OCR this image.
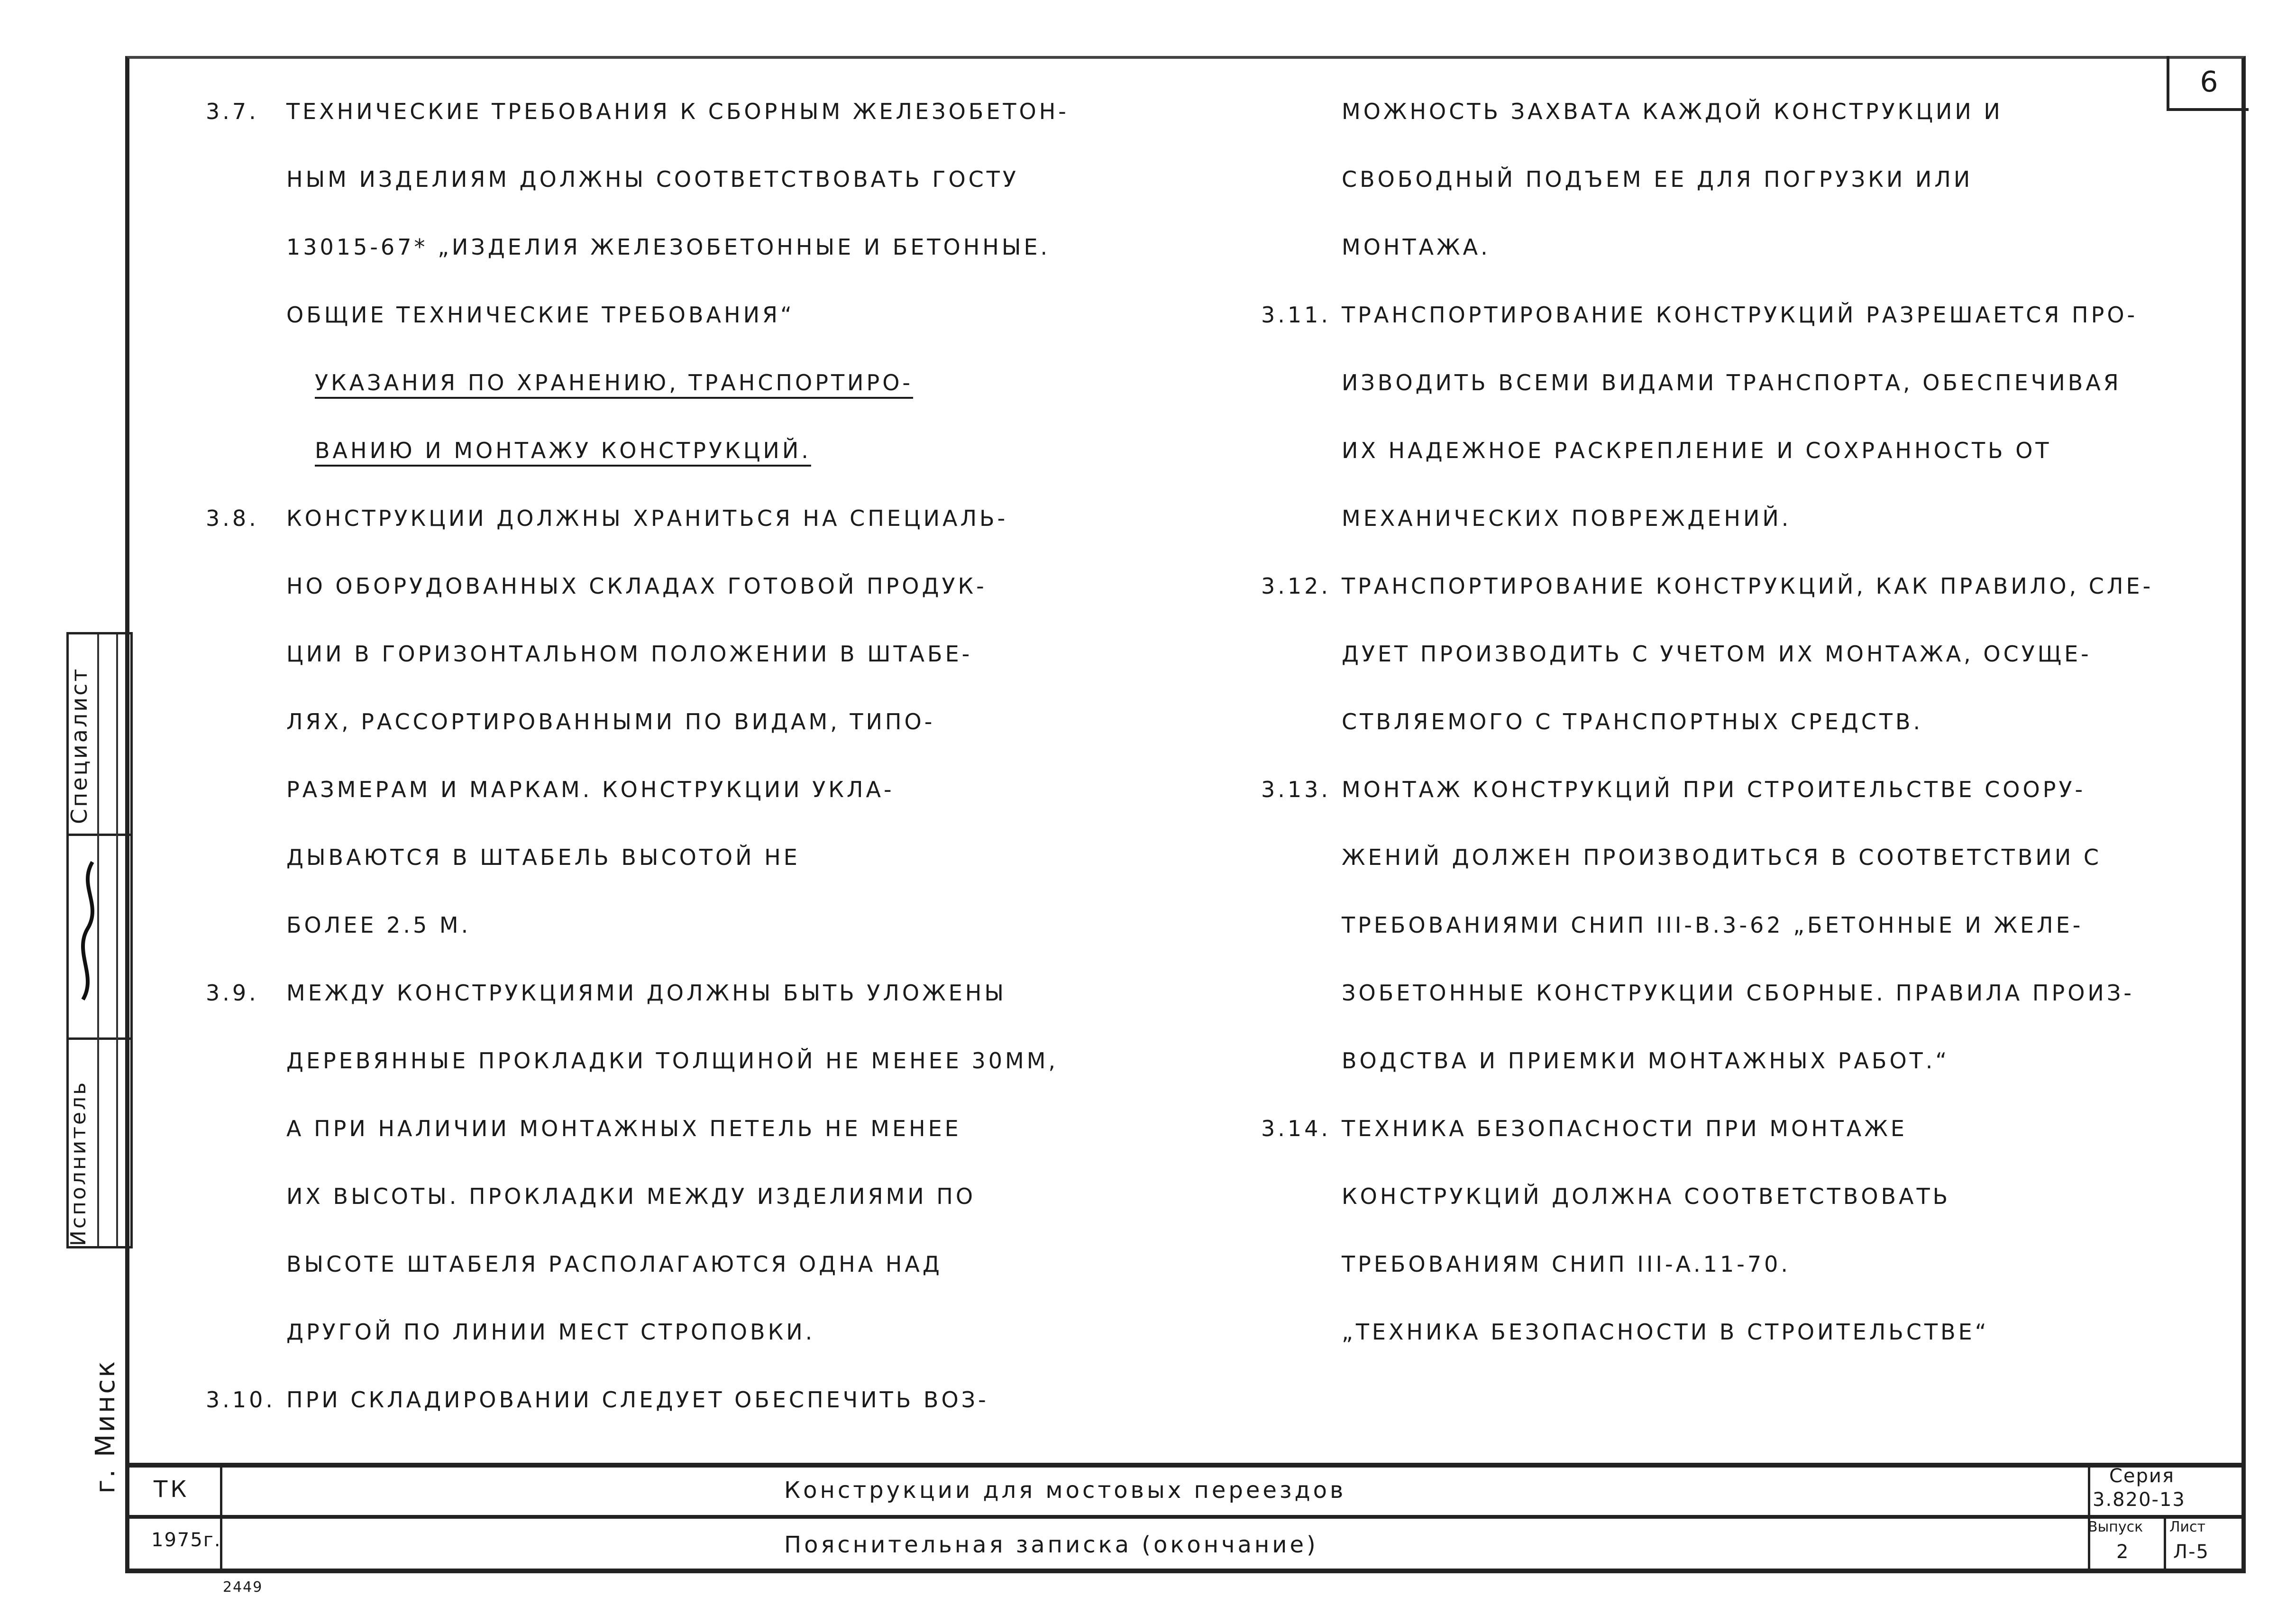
6
3.7.	ТЕХНИЧЕСКИЕ ТРЕБОВАНИЯ К СБОРНЫМ ЖЕЛЕЗОБЕТОН-
НЫМ ИЗДЕЛИЯМ ДОЛЖНЫ СООТВЕТСТВОВАТЬ ГОСТУ
13015-67* „ИЗДЕЛИЯ ЖЕЛЕЗОБЕТОННЫЕ И БЕТОННЫЕ.
ОБЩИЕ ТЕХНИЧЕСКИЕ ТРЕБОВАНИЯ“
УКАЗАНИЯ ПО ХРАНЕНИЮ, ТРАНСПОРТИРО-
ВАНИЮ И МОНТАЖУ КОНСТРУКЦИЙ.
3.8.	КОНСТРУКЦИИ ДОЛЖНЫ ХРАНИТЬСЯ НА СПЕЦИАЛЬ-
НО ОБОРУДОВАННЫХ СКЛАДАХ ГОТОВОЙ ПРОДУК-
ЦИИ В ГОРИЗОНТАЛЬНОМ ПОЛОЖЕНИИ В ШТАБЕ-
ЛЯХ, РАССОРТИРОВАННЫМИ ПО ВИДАМ, ТИПО-
РАЗМЕРАМ И МАРКАМ. КОНСТРУКЦИИ УКЛА-
ДЫВАЮТСЯ В ШТАБЕЛЬ ВЫСОТОЙ НЕ
БОЛЕЕ 2.5 М.
3.9.	МЕЖДУ КОНСТРУКЦИЯМИ ДОЛЖНЫ БЫТЬ УЛОЖЕНЫ
ДЕРЕВЯННЫЕ ПРОКЛАДКИ ТОЛЩИНОЙ НЕ МЕНЕЕ 30ММ,
А ПРИ НАЛИЧИИ МОНТАЖНЫХ ПЕТЕЛЬ НЕ МЕНЕЕ
ИХ ВЫСОТЫ. ПРОКЛАДКИ МЕЖДУ ИЗДЕЛИЯМИ ПО
ВЫСОТЕ ШТАБЕЛЯ РАСПОЛАГАЮТСЯ ОДНА НАД
ДРУГОЙ ПО ЛИНИИ МЕСТ СТРОПОВКИ.
3.10. ПРИ СКЛАДИРОВАНИИ СЛЕДУЕТ ОБЕСПЕЧИТЬ ВОЗ-
МОЖНОСТЬ ЗАХВАТА КАЖДОЙ КОНСТРУКЦИИ И
СВОБОДНЫЙ ПОДЪЕМ ЕЕ ДЛЯ ПОГРУЗКИ ИЛИ
МОНТАЖА.
3.11. ТРАНСПОРТИРОВАНИЕ КОНСТРУКЦИЙ РАЗРЕШАЕТСЯ ПРО-
ИЗВОДИТЬ ВСЕМИ ВИДАМИ ТРАНСПОРТА, ОБЕСПЕЧИВАЯ
ИХ НАДЕЖНОЕ РАСКРЕПЛЕНИЕ И СОХРАННОСТЬ ОТ
МЕХАНИЧЕСКИХ ПОВРЕЖДЕНИЙ.
3.12. ТРАНСПОРТИРОВАНИЕ КОНСТРУКЦИЙ, КАК ПРАВИЛО, СЛЕ-
ДУЕТ ПРОИЗВОДИТЬ С УЧЕТОМ ИХ МОНТАЖА, ОСУЩЕ-
СТВЛЯЕМОГО С ТРАНСПОРТНЫХ СРЕДСТВ.
3.13. МОНТАЖ КОНСТРУКЦИЙ ПРИ СТРОИТЕЛЬСТВЕ СООРУ-
ЖЕНИЙ ДОЛЖЕН ПРОИЗВОДИТЬСЯ В СООТВЕТСТВИИ С
ТРЕБОВАНИЯМИ СНИП III-В.3-62 „БЕТОННЫЕ И ЖЕЛЕ-
ЗОБЕТОННЫЕ КОНСТРУКЦИИ СБОРНЫЕ. ПРАВИЛА ПРОИЗ-
ВОДСТВА И ПРИЕМКИ МОНТАЖНЫХ РАБОТ.“
3.14. ТЕХНИКА БЕЗОПАСНОСТИ ПРИ МОНТАЖЕ
КОНСТРУКЦИЙ ДОЛЖНА СООТВЕТСТВОВАТЬ
ТРЕБОВАНИЯМ СНИП III-А.11-70.
„ТЕХНИКА БЕЗОПАСНОСТИ В СТРОИТЕЛЬСТВЕ“
ТК
1975г.
Конструкции для мостовых переездов
Пояснительная записка (окончание)
Серия
3.820-13
Выпуск Лист
2 Л-5
2449
Специалист
Исполнитель
г. Минск
